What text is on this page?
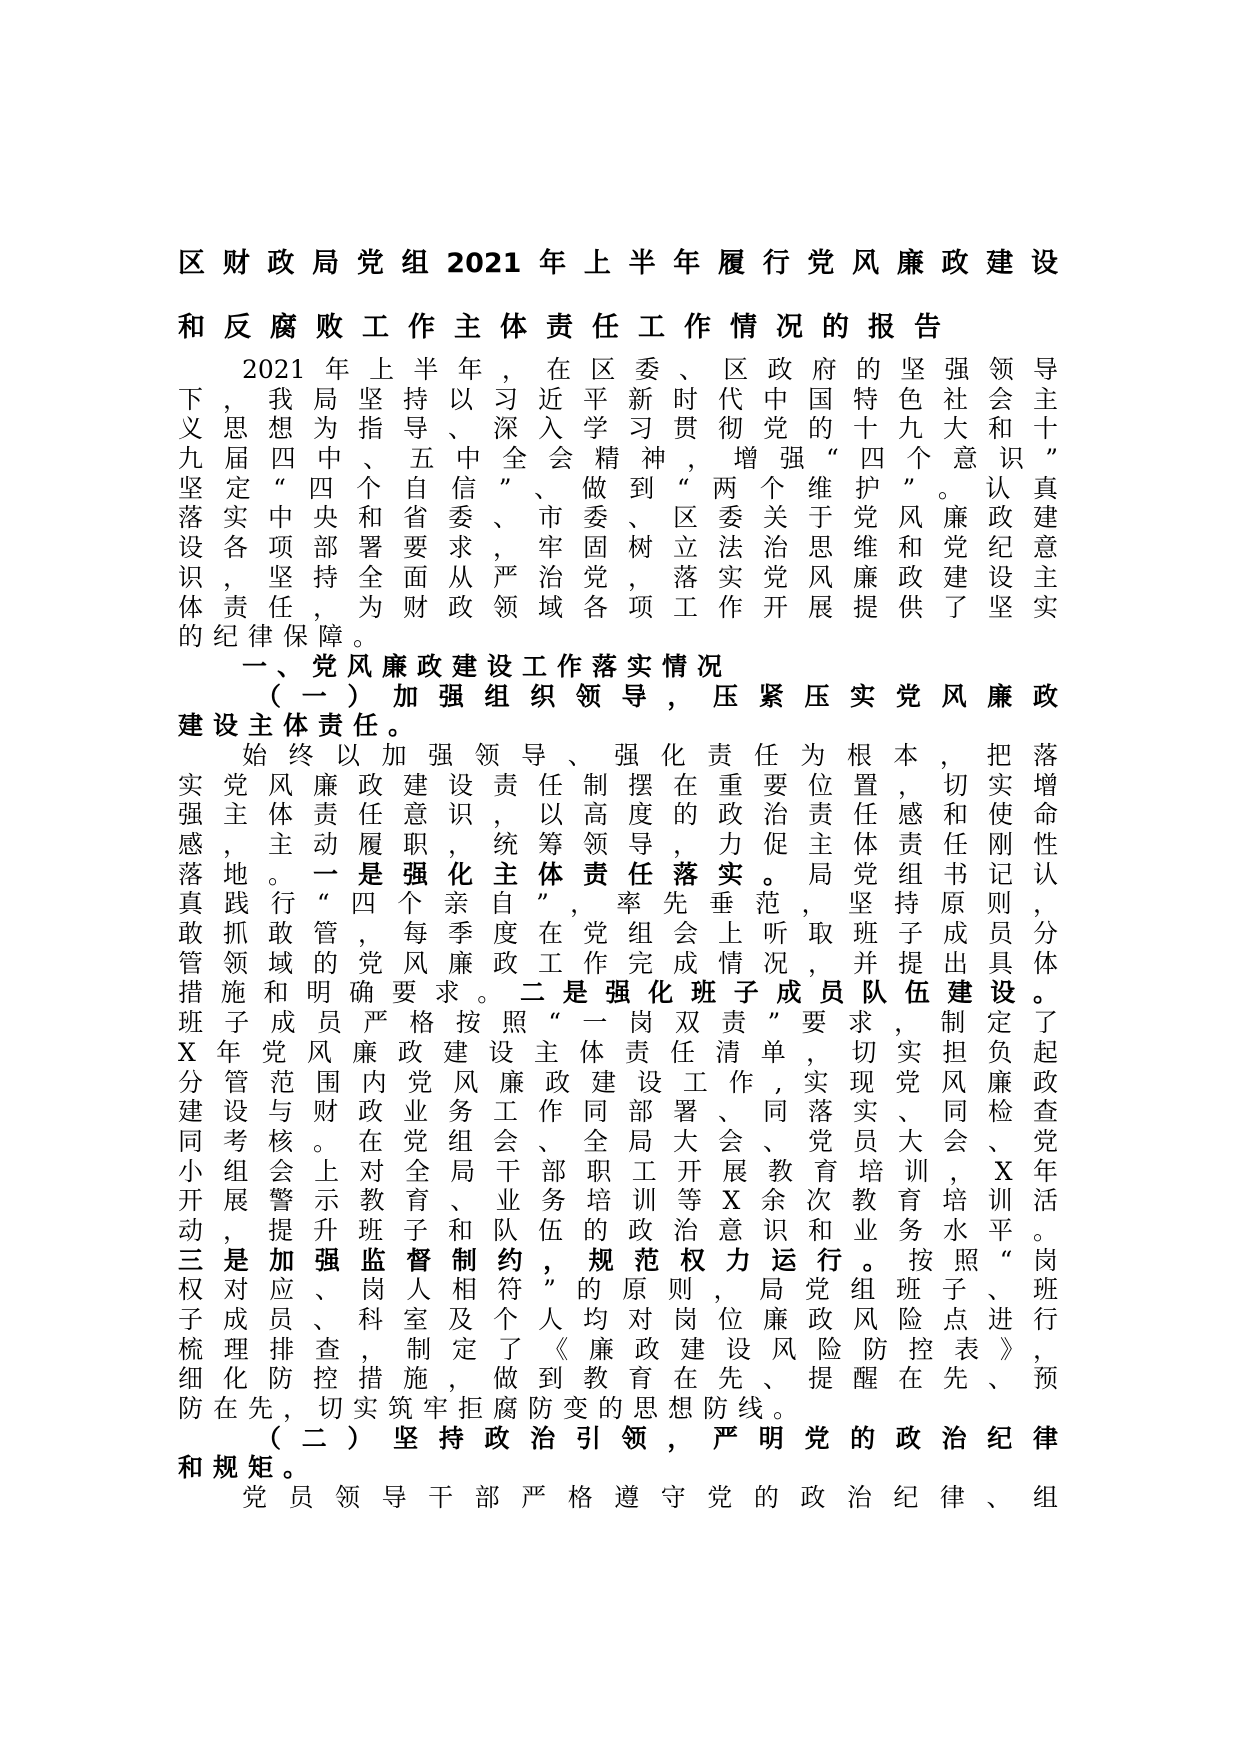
区财政局党组2021年上半年履行党风廉政建设
和反腐败工作主体责任工作情况的报告
2021年上半年，在区委、区政府的坚强领导
下，我局坚持以习近平新时代中国特色社会主
义思想为指导、深入学习贯彻党的十九大和十
九届四中、五中全会精神，增强“四个意识”
坚定“四个自信”、做到“两个维护”。认真
落实中央和省委、市委、区委关于党风廉政建
设各项部署要求，牢固树立法治思维和党纪意
识，坚持全面从严治党，落实党风廉政建设主
体责任，为财政领域各项工作开展提供了坚实
的纪律保障。
一、党风廉政建设工作落实情况
（一）加强组织领导，压紧压实党风廉政
建设主体责任。
始终以加强领导、强化责任为根本，把落
实党风廉政建设责任制摆在重要位置，切实增
强主体责任意识，以高度的政治责任感和使命
感，主动履职，统筹领导，力促主体责任刚性
落地。一是强化主体责任落实。局党组书记认
真践行“四个亲自”，率先垂范，坚持原则，
敢抓敢管，每季度在党组会上听取班子成员分
管领域的党风廉政工作完成情况，并提出具体
措施和明确要求。二是强化班子成员队伍建设。
班子成员严格按照“一岗双责”要求，制定了
X年党风廉政建设主体责任清单，切实担负起
分管范围内党风廉政建设工作,实现党风廉政
建设与财政业务工作同部署、同落实、同检查
同考核。在党组会、全局大会、党员大会、党
小组会上对全局干部职工开展教育培训，X年
开展警示教育、业务培训等X余次教育培训活
动，提升班子和队伍的政治意识和业务水平。
三是加强监督制约，规范权力运行。按照“岗
权对应、岗人相符”的原则，局党组班子、班
子成员、科室及个人均对岗位廉政风险点进行
梳理排查，制定了《廉政建设风险防控表》，
细化防控措施，做到教育在先、提醒在先、预
防在先，切实筑牢拒腐防变的思想防线。
（二）坚持政治引领，严明党的政治纪律
和规矩。
党员领导干部严格遵守党的政治纪律、组
